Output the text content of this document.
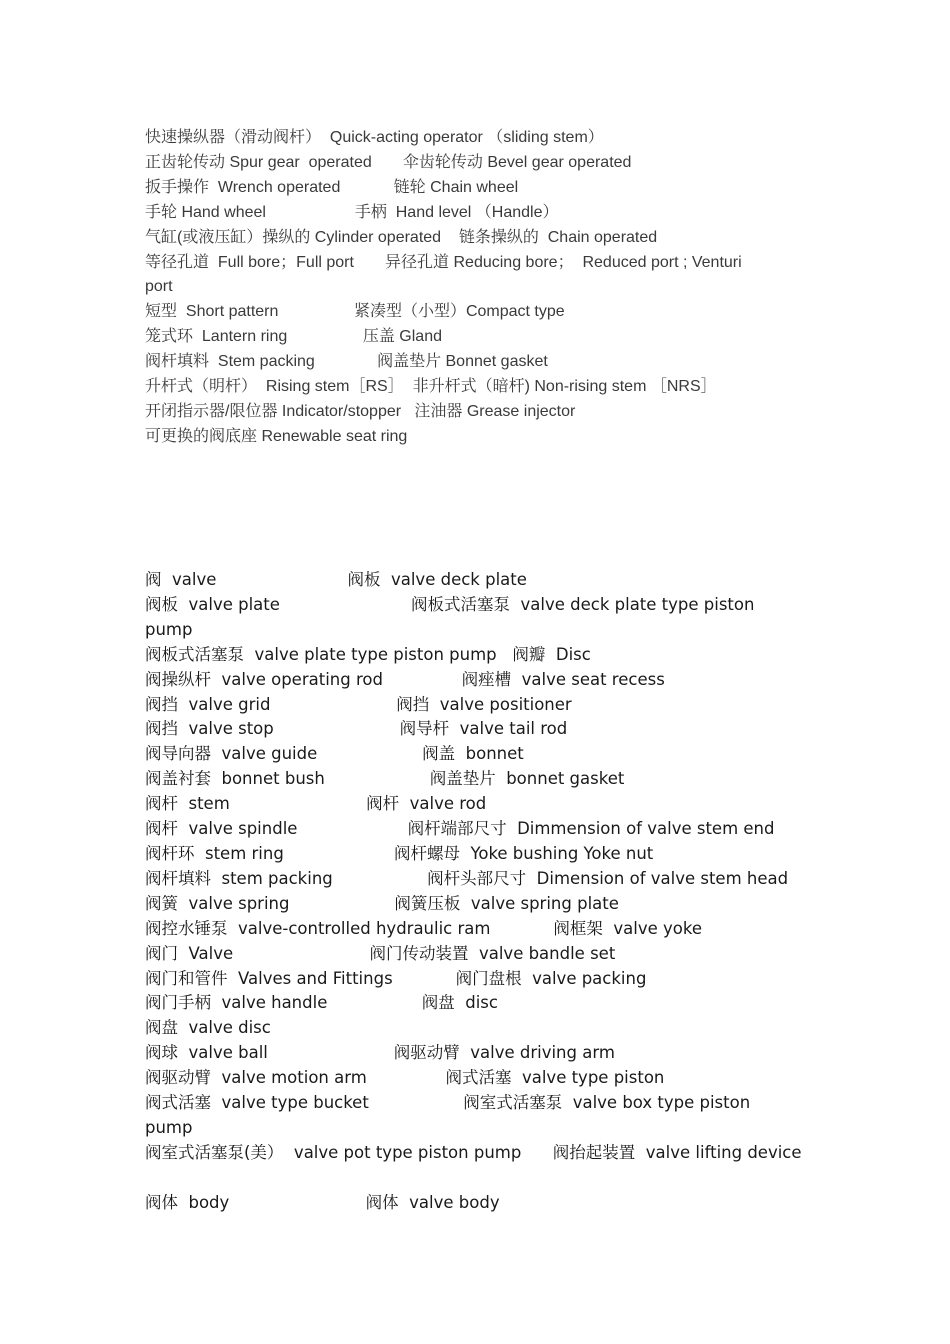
快速操纵器（滑动阀杆）  Quick-acting operator （sliding stem）
正齿轮传动 Spur gear  operated       伞齿轮传动 Bevel gear operated
扳手操作  Wrench operated            链轮 Chain wheel
手轮 Hand wheel                    手柄  Hand level （Handle）
气缸(或液压缸）操纵的 Cylinder operated    链条操纵的  Chain operated
等径孔道  Full bore；Full port       异径孔道 Reducing bore；  Reduced port ; Venturi
port
短型  Short pattern                 紧凑型（小型）Compact type
笼式环  Lantern ring                 压盖 Gland
阀杆填料  Stem packing              阀盖垫片 Bonnet gasket
升杆式（明杆）  Rising stem［RS］  非升杆式（暗杆) Non-rising stem ［NRS］
开闭指示器/限位器 Indicator/stopper   注油器 Grease injector
可更换的阀底座 Renewable seat ring
阀  valve                         阀板  valve deck plate
阀板  valve plate                         阀板式活塞泵  valve deck plate type piston
pump
阀板式活塞泵  valve plate type piston pump   阀瓣  Disc
阀操纵杆  valve operating rod               阀痤槽  valve seat recess
阀挡  valve grid                        阀挡  valve positioner
阀挡  valve stop                        阀导杆  valve tail rod
阀导向器  valve guide                    阀盖  bonnet
阀盖衬套  bonnet bush                    阀盖垫片  bonnet gasket
阀杆  stem                          阀杆  valve rod
阀杆  valve spindle                     阀杆端部尺寸  Dimmension of valve stem end
阀杆环  stem ring                     阀杆螺母  Yoke bushing Yoke nut
阀杆填料  stem packing                  阀杆头部尺寸  Dimension of valve stem head
阀簧  valve spring                    阀簧压板  valve spring plate
阀控水锤泵  valve-controlled hydraulic ram            阀框架  valve yoke
阀门  Valve                          阀门传动装置  valve bandle set
阀门和管件  Valves and Fittings            阀门盘根  valve packing
阀门手柄  valve handle                  阀盘  disc
阀盘  valve disc
阀球  valve ball                        阀驱动臂  valve driving arm
阀驱动臂  valve motion arm               阀式活塞  valve type piston
阀式活塞  valve type bucket                  阀室式活塞泵  valve box type piston
pump
阀室式活塞泵(美）  valve pot type piston pump      阀抬起装置  valve lifting device
阀体  body                          阀体  valve body
